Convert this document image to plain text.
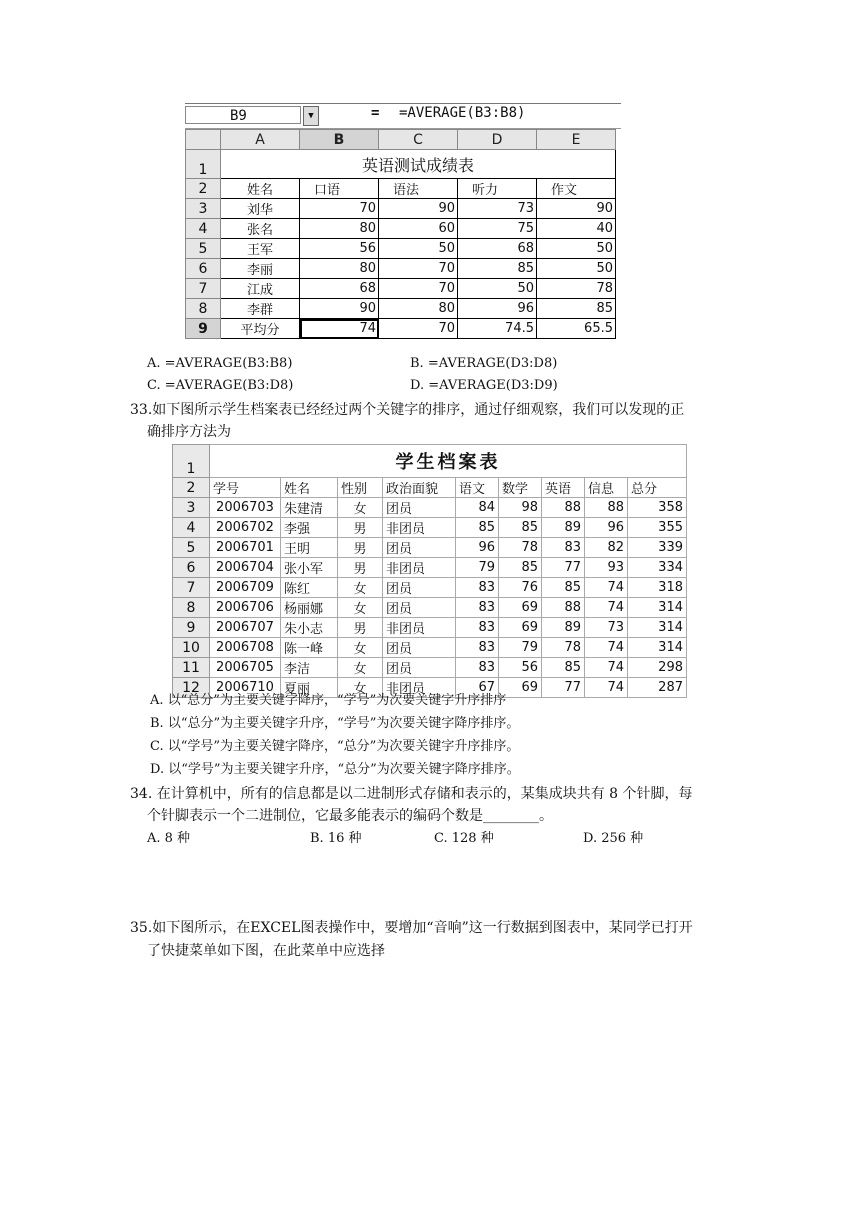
B9	▼	= =AVERAGE(B3:B8)
	A	B	C	D	E
1	英语测试成绩表				
2	姓名	口语	语法	听力	作文
3	刘华	70	90	73	90
4	张名	80	60	75	40
5	王军	56	50	68	50
6	李丽	80	70	85	50
7	江成	68	70	50	78
8	李群	90	80	96	85
9	平均分	74	70	74.5	65.5
A. =AVERAGE(B3:B8)	B. =AVERAGE(D3:D8)
C. =AVERAGE(B3:D8)	D. =AVERAGE(D3:D9)
33.如下图所示学生档案表已经经过两个关键字的排序，通过仔细观察，我们可以发现的正
确排序方法为
1	学生档案表								
2	学号	姓名	性别	政治面貌	语文	数学	英语	信息	总分
3	2006703	朱建清	女	团员	84	98	88	88	358
4	2006702	李强	男	非团员	85	85	89	96	355
5	2006701	王明	男	团员	96	78	83	82	339
6	2006704	张小军	男	非团员	79	85	77	93	334
7	2006709	陈红	女	团员	83	76	85	74	318
8	2006706	杨丽娜	女	团员	83	69	88	74	314
9	2006707	朱小志	男	非团员	83	69	89	73	314
10	2006708	陈一峰	女	团员	83	79	78	74	314
11	2006705	李洁	女	团员	83	56	85	74	298
12	2006710	夏丽	女	非团员	67	69	77	74	287
A. 以“总分”为主要关键字降序，“学号”为次要关键字升序排序
B. 以“总分”为主要关键字升序，“学号”为次要关键字降序排序。
C. 以“学号”为主要关键字降序，“总分”为次要关键字升序排序。
D. 以“学号”为主要关键字升序，“总分”为次要关键字降序排序。
34. 在计算机中，所有的信息都是以二进制形式存储和表示的，某集成块共有 8 个针脚，每
个针脚表示一个二进制位，它最多能表示的编码个数是________。
A. 8 种	B. 16 种	C. 128 种	D. 256 种
35.如下图所示，在EXCEL图表操作中，要增加“音响”这一行数据到图表中，某同学已打开
了快捷菜单如下图，在此菜单中应选择
